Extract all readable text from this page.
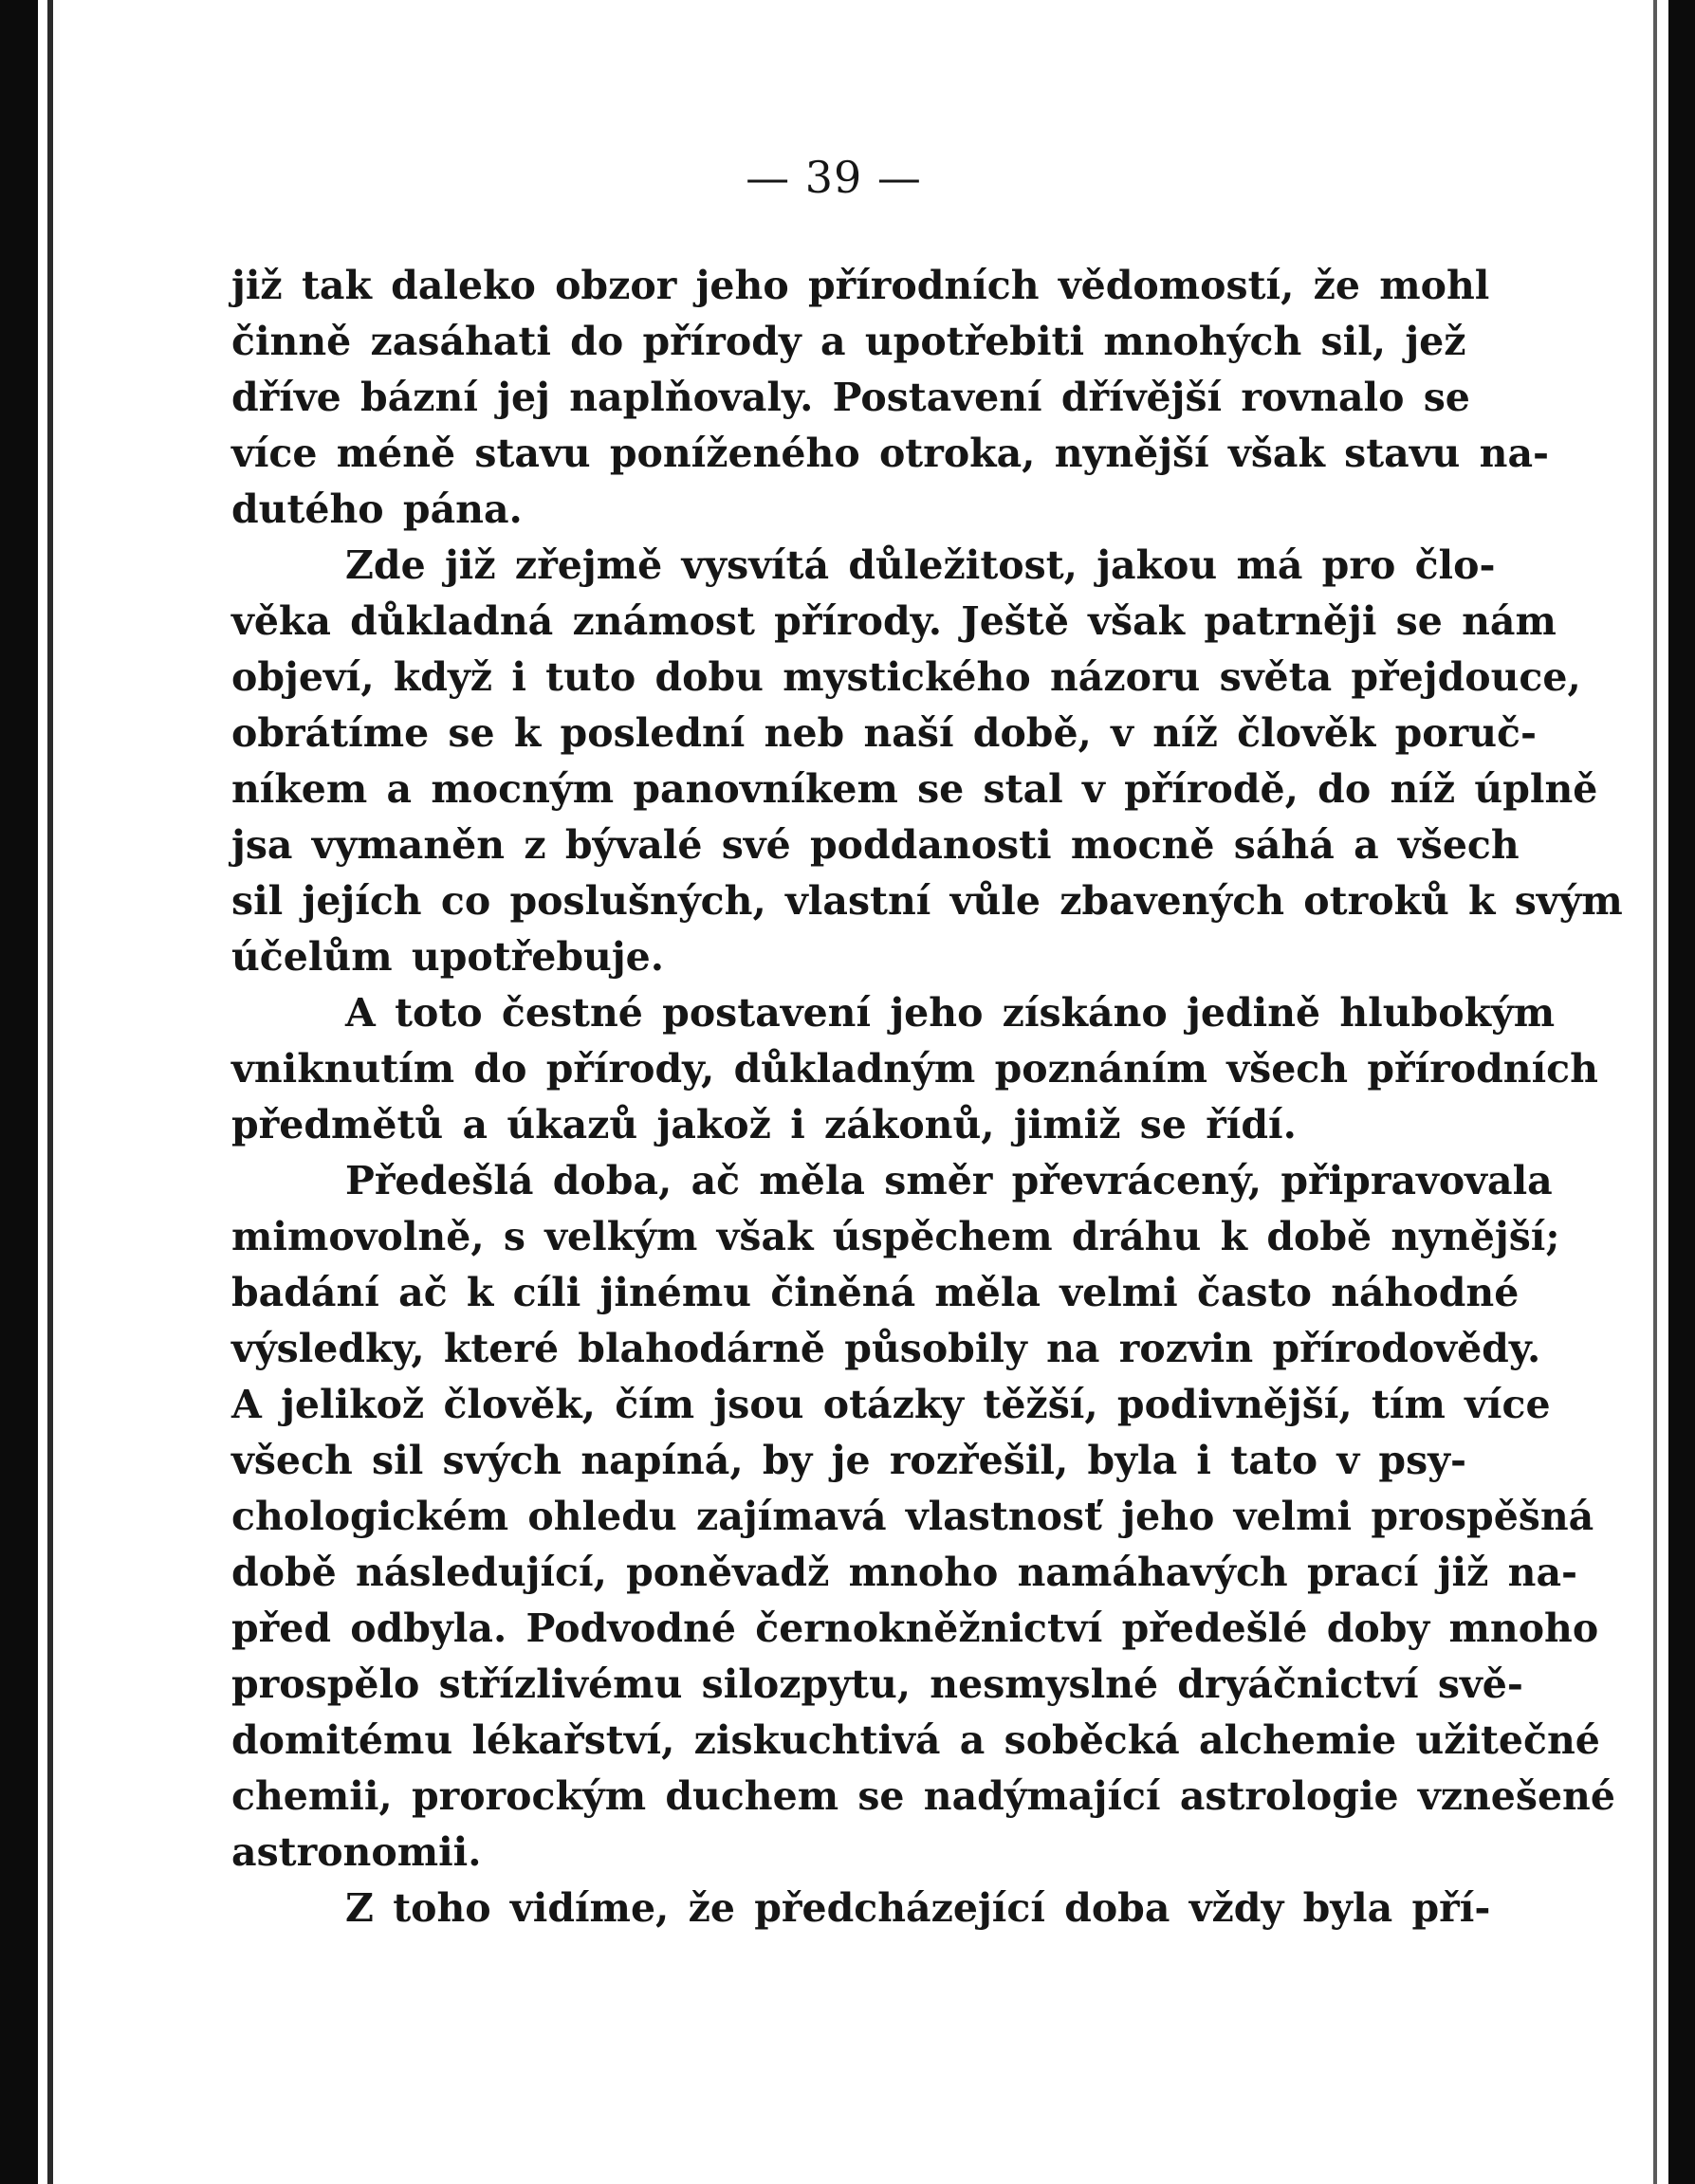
— 39 —
již tak daleko obzor jeho přírodních vědomostí, že mohl
činně zasáhati do přírody a upotřebiti mnohých sil, jež
dříve bázní jej naplňovaly. Postavení dřívější rovnalo se
více méně stavu poníženého otroka, nynější však stavu na-
dutého pána.
Zde již zřejmě vysvítá důležitost, jakou má pro člo-
věka důkladná známost přírody. Ještě však patrněji se nám
objeví, když i tuto dobu mystického názoru světa přejdouce,
obrátíme se k poslední neb naší době, v níž člověk poruč-
níkem a mocným panovníkem se stal v přírodě, do níž úplně
jsa vymaněn z bývalé své poddanosti mocně sáhá a všech
sil jejích co poslušných, vlastní vůle zbavených otroků k svým
účelům upotřebuje.
A toto čestné postavení jeho získáno jedině hlubokým
vniknutím do přírody, důkladným poznáním všech přírodních
předmětů a úkazů jakož i zákonů, jimiž se řídí.
Předešlá doba, ač měla směr převrácený, připravovala
mimovolně, s velkým však úspěchem dráhu k době nynější;
badání ač k cíli jinému činěná měla velmi často náhodné
výsledky, které blahodárně působily na rozvin přírodovědy.
A jelikož člověk, čím jsou otázky těžší, podivnější, tím více
všech sil svých napíná, by je rozřešil, byla i tato v psy-
chologickém ohledu zajímavá vlastnosť jeho velmi prospěšná
době následující, poněvadž mnoho namáhavých prací již na-
před odbyla. Podvodné černokněžnictví předešlé doby mnoho
prospělo střízlivému silozpytu, nesmyslné dryáčnictví svě-
domitému lékařství, ziskuchtivá a soběcká alchemie užitečné
chemii, prorockým duchem se nadýmající astrologie vznešené
astronomii.
Z toho vidíme, že předcházející doba vždy byla pří-
